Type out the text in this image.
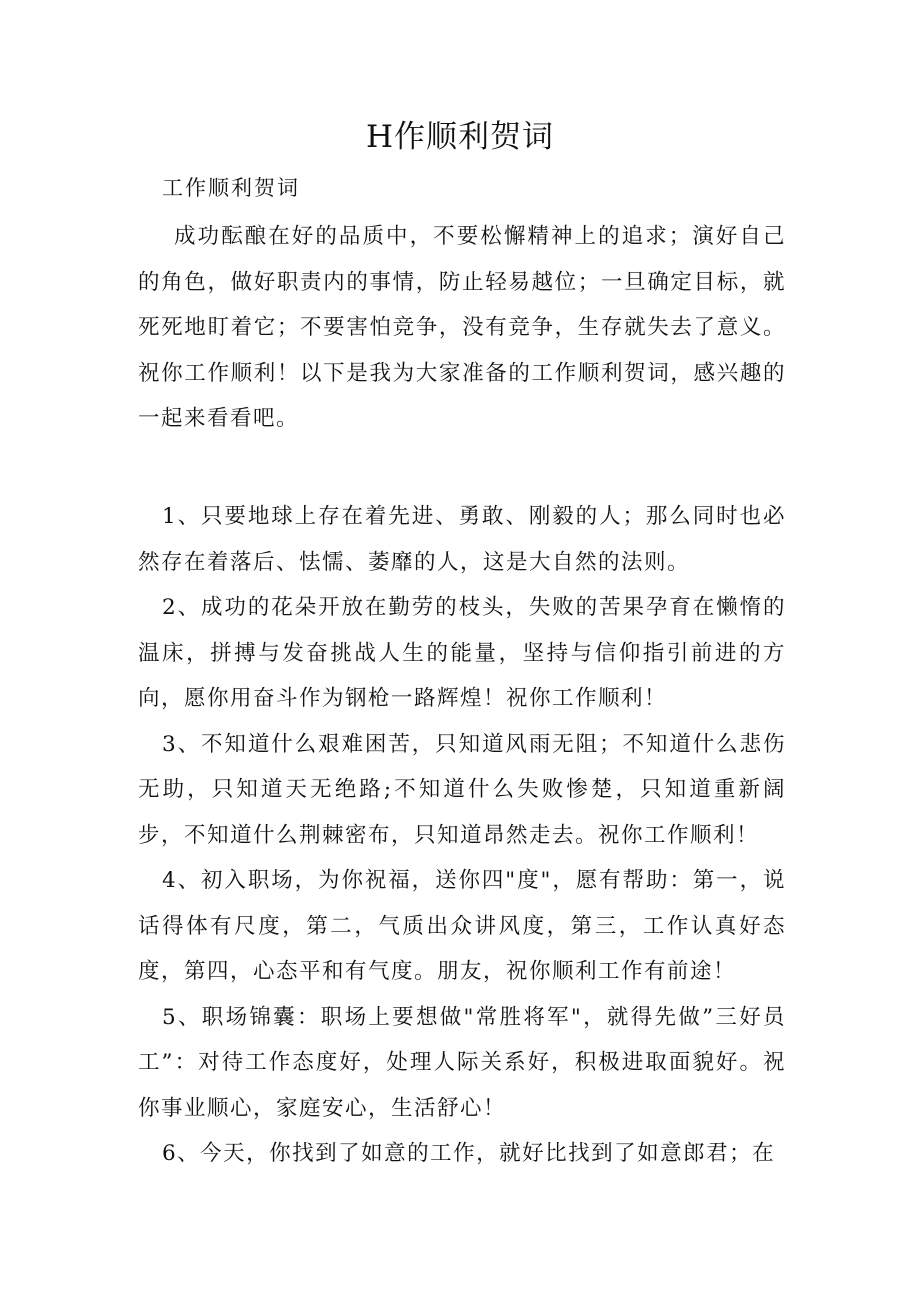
H作顺利贺词
工作顺利贺词

成功酝酿在好的品质中，不要松懈精神上的追求；演好自己的角色，做好职责内的事情，防止轻易越位；一旦确定目标，就死死地盯着它；不要害怕竞争，没有竞争，生存就失去了意义。祝你工作顺利！以下是我为大家准备的工作顺利贺词，感兴趣的一起来看看吧。

1、只要地球上存在着先进、勇敢、刚毅的人；那么同时也必然存在着落后、怯懦、萎靡的人，这是大自然的法则。
2、成功的花朵开放在勤劳的枝头，失败的苦果孕育在懒惰的温床，拼搏与发奋挑战人生的能量，坚持与信仰指引前进的方向，愿你用奋斗作为钢枪一路辉煌！祝你工作顺利！
3、不知道什么艰难困苦，只知道风雨无阻；不知道什么悲伤无助，只知道天无绝路;不知道什么失败惨楚，只知道重新阔步，不知道什么荆棘密布，只知道昂然走去。祝你工作顺利！
4、初入职场，为你祝福，送你四"度"，愿有帮助：第一，说话得体有尺度，第二，气质出众讲风度，第三，工作认真好态度，第四，心态平和有气度。朋友，祝你顺利工作有前途！
5、职场锦囊：职场上要想做"常胜将军"，就得先做”三好员工”：对待工作态度好，处理人际关系好，积极进取面貌好。祝你事业顺心，家庭安心，生活舒心！
6、今天，你找到了如意的工作，就好比找到了如意郎君；在
